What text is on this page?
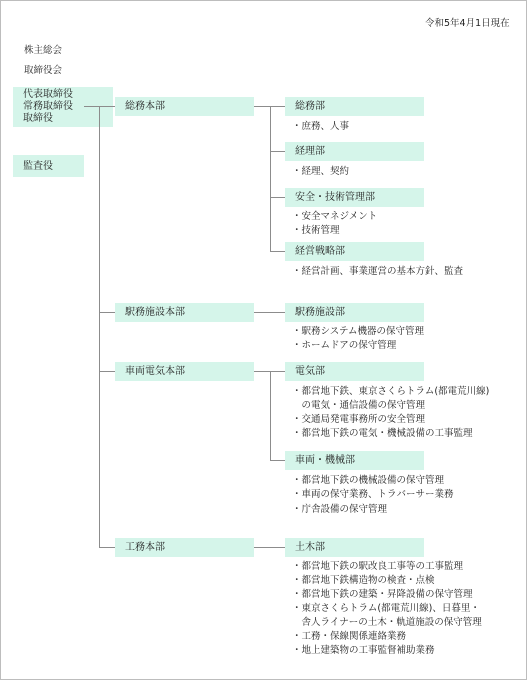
令和5年4月1日現在
株主総会
取締役会
代表取締役
常務取締役
取締役
監査役
総務本部
駅務施設本部
車両電気本部
工務本部
総務部
・庶務、人事
経理部
・経理、契約
安全・技術管理部
・安全マネジメント
・技術管理
経営戦略部
・経営計画、事業運営の基本方針、監査
駅務施設部
・駅務システム機器の保守管理
・ホームドアの保守管理
電気部
・都営地下鉄、東京さくらトラム(都電荒川線)
　の電気・通信設備の保守管理
・交通局発電事務所の安全管理
・都営地下鉄の電気・機械設備の工事監理
車両・機械部
・都営地下鉄の機械設備の保守管理
・車両の保守業務、トラバーサー業務
・庁舎設備の保守管理
土木部
・都営地下鉄の駅改良工事等の工事監理
・都営地下鉄構造物の検査・点検
・都営地下鉄の建築・昇降設備の保守管理
・東京さくらトラム(都電荒川線)、日暮里・
　舎人ライナーの土木・軌道施設の保守管理
・工務・保線関係連絡業務
・地上建築物の工事監督補助業務
